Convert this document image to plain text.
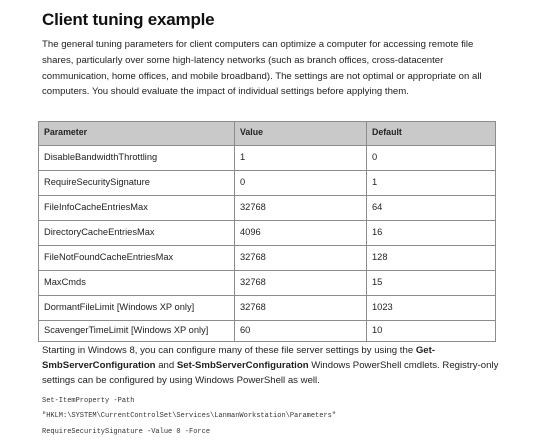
Client tuning example

The general tuning parameters for client computers can optimize a computer for accessing remote file shares, particularly over some high-latency networks (such as branch offices, cross-datacenter communication, home offices, and mobile broadband). The settings are not optimal or appropriate on all computers. You should evaluate the impact of individual settings before applying them.

Parameter	Value	Default
DisableBandwidthThrottling	1	0
RequireSecuritySignature	0	1
FileInfoCacheEntriesMax	32768	64
DirectoryCacheEntriesMax	4096	16
FileNotFoundCacheEntriesMax	32768	128
MaxCmds	32768	15
DormantFileLimit [Windows XP only]	32768	1023
ScavengerTimeLimit [Windows XP only]	60	10

Starting in Windows 8, you can configure many of these file server settings by using the Get-SmbServerConfiguration and Set-SmbServerConfiguration Windows PowerShell cmdlets. Registry-only settings can be configured by using Windows PowerShell as well.

Set-ItemProperty -Path
"HKLM:\SYSTEM\CurrentControlSet\Services\LanmanWorkstation\Parameters"
RequireSecuritySignature -Value 0 -Force
